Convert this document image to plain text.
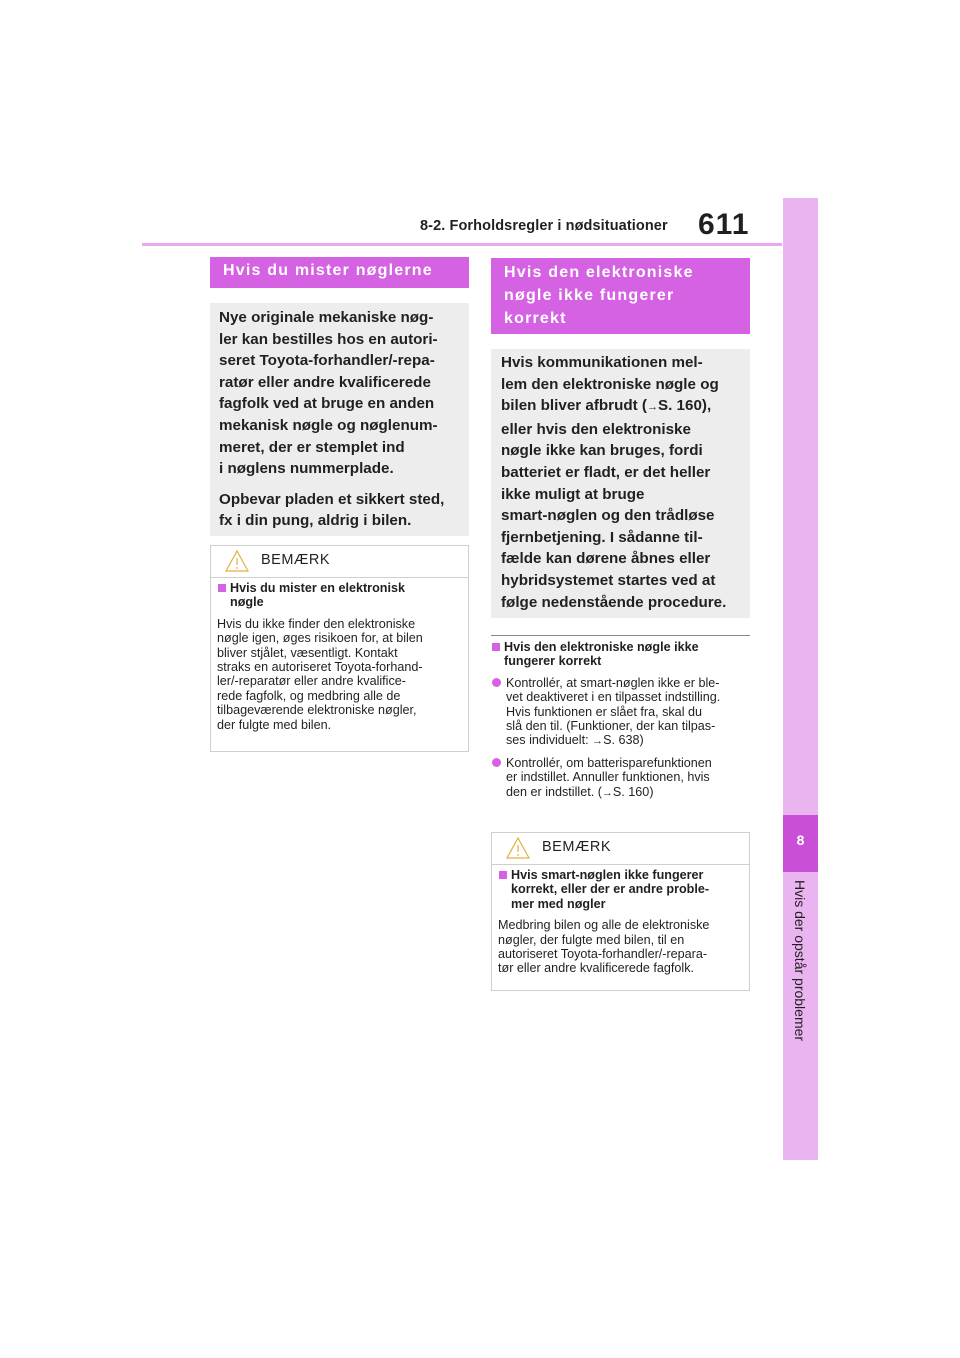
8-2. Forholdsregler i nødsituationer 611
8
Hvis der opstår problemer
Hvis du mister nøglerne

Nye originale mekaniske nøg-
ler kan bestilles hos en autori-
seret Toyota-forhandler/-repa-
ratør eller andre kvalificerede
fagfolk ved at bruge en anden
mekanisk nøgle og nøglenum-
meret, der er stemplet ind
i nøglens nummerplade.

Opbevar pladen et sikkert sted,
fx i din pung, aldrig i bilen.

BEMÆRK
Hvis du mister en elektronisk
nøgle
Hvis du ikke finder den elektroniske
nøgle igen, øges risikoen for, at bilen
bliver stjålet, væsentligt. Kontakt
straks en autoriseret Toyota-forhand-
ler/-reparatør eller andre kvalifice-
rede fagfolk, og medbring alle de
tilbageværende elektroniske nøgler,
der fulgte med bilen.
Hvis den elektroniske
nøgle ikke fungerer
korrekt

Hvis kommunikationen mel-
lem den elektroniske nøgle og
bilen bliver afbrudt (→S. 160),
eller hvis den elektroniske
nøgle ikke kan bruges, fordi
batteriet er fladt, er det heller
ikke muligt at bruge
smart-nøglen og den trådløse
fjernbetjening. I sådanne til-
fælde kan dørene åbnes eller
hybridsystemet startes ved at
følge nedenstående procedure.

Hvis den elektroniske nøgle ikke
fungerer korrekt
Kontrollér, at smart-nøglen ikke er ble-
vet deaktiveret i en tilpasset indstilling.
Hvis funktionen er slået fra, skal du
slå den til. (Funktioner, der kan tilpas-
ses individuelt: →S. 638)
Kontrollér, om batterisparefunktionen
er indstillet. Annuller funktionen, hvis
den er indstillet. (→S. 160)
BEMÆRK
Hvis smart-nøglen ikke fungerer
korrekt, eller der er andre proble-
mer med nøgler
Medbring bilen og alle de elektroniske
nøgler, der fulgte med bilen, til en
autoriseret Toyota-forhandler/-repara-
tør eller andre kvalificerede fagfolk.
